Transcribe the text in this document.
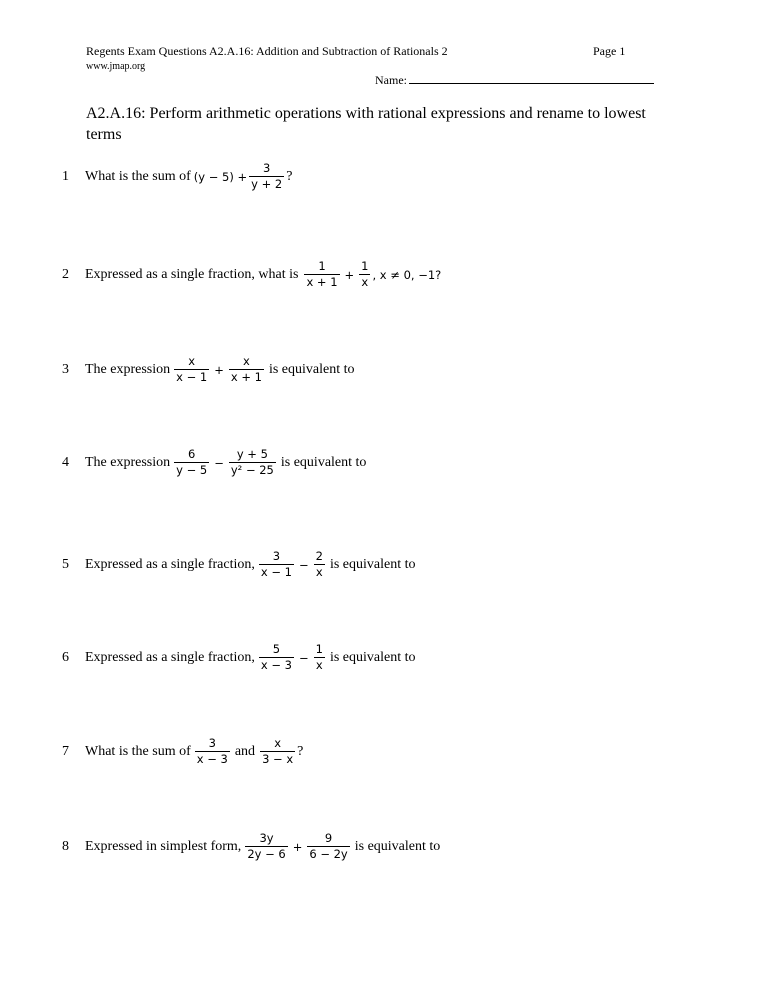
Regents Exam Questions A2.A.16: Addition and Subtraction of Rationals 2	Page 1
www.jmap.org
Name:
A2.A.16: Perform arithmetic operations with rational expressions and rename to lowest terms
1	What is the sum of $(y - 5) + \frac{3}{y + 2}$ ?
2	Expressed as a single fraction, what is $\frac{1}{x + 1} + \frac{1}{x}$ , x ≠ 0, −1?
3	The expression $\frac{x}{x - 1} + \frac{x}{x + 1}$ is equivalent to
4	The expression $\frac{6}{y - 5} - \frac{y + 5}{\text{y² − 25}}$ is equivalent to
5	Expressed as a single fraction, $\frac{3}{x - 1} - \frac{2}{x}$ is equivalent to
6	Expressed as a single fraction, $\frac{5}{x - 3} - \frac{1}{x}$ is equivalent to
7	What is the sum of $\frac{3}{x - 3}$ and $\frac{x}{3 - x}$ ?
8	Expressed in simplest form, $\frac{3y}{2y - 6} + \frac{9}{6 - 2y}$ is equivalent to
